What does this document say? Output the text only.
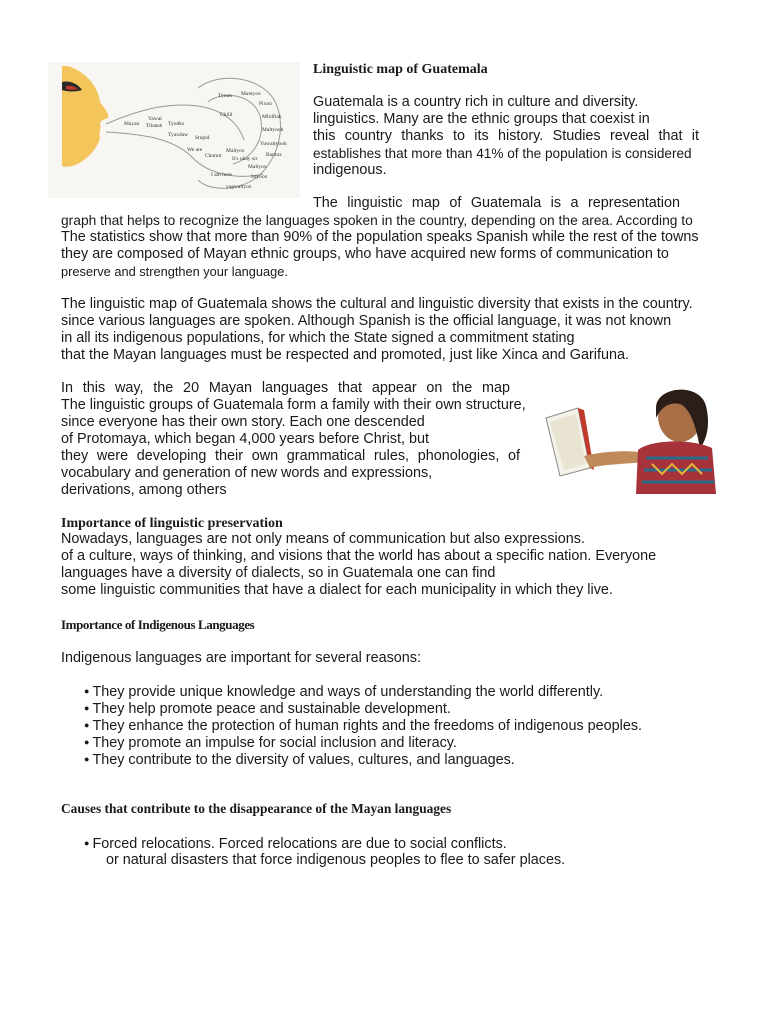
Tyuun Mantyox
Pixon
Chilil	Mfolfiah
Yawal
Mayan Tibatsh Tyodks
Maltyooh
Tyaxdaw Stupid
Yuwaltyooh
We are	Maltyox
Bantux
It's okay sir
Chomir
Maltyox
I am here	Istyoox
yagwaltyox
Linguistic map of Guatemala
Guatemala is a country rich in culture and diversity.
linguistics. Many are the ethnic groups that coexist in
this country thanks to its history. Studies reveal that it
establishes that more than 41% of the population is considered
indigenous.
The linguistic map of Guatemala is a representation
graph that helps to recognize the languages spoken in the country, depending on the area. According to
The statistics show that more than 90% of the population speaks Spanish while the rest of the towns
they are composed of Mayan ethnic groups, who have acquired new forms of communication to
preserve and strengthen your language.
The linguistic map of Guatemala shows the cultural and linguistic diversity that exists in the country.
since various languages are spoken. Although Spanish is the official language, it was not known
in all its indigenous populations, for which the State signed a commitment stating
that the Mayan languages must be respected and promoted, just like Xinca and Garifuna.
In this way, the 20 Mayan languages that appear on the map
The linguistic groups of Guatemala form a family with their own structure,
since everyone has their own story. Each one descended
of Protomaya, which began 4,000 years before Christ, but
they were developing their own grammatical rules, phonologies, of
vocabulary and generation of new words and expressions,
derivations, among others
Importance of linguistic preservation
Nowadays, languages are not only means of communication but also expressions.
of a culture, ways of thinking, and visions that the world has about a specific nation. Everyone
languages have a diversity of dialects, so in Guatemala one can find
some linguistic communities that have a dialect for each municipality in which they live.
Importance of Indigenous Languages
Indigenous languages are important for several reasons:
● They provide unique knowledge and ways of understanding the world differently.
● They help promote peace and sustainable development.
● They enhance the protection of human rights and the freedoms of indigenous peoples.
● They promote an impulse for social inclusion and literacy.
● They contribute to the diversity of values, cultures, and languages.
Causes that contribute to the disappearance of the Mayan languages
● Forced relocations. Forced relocations are due to social conflicts.
or natural disasters that force indigenous peoples to flee to safer places.
